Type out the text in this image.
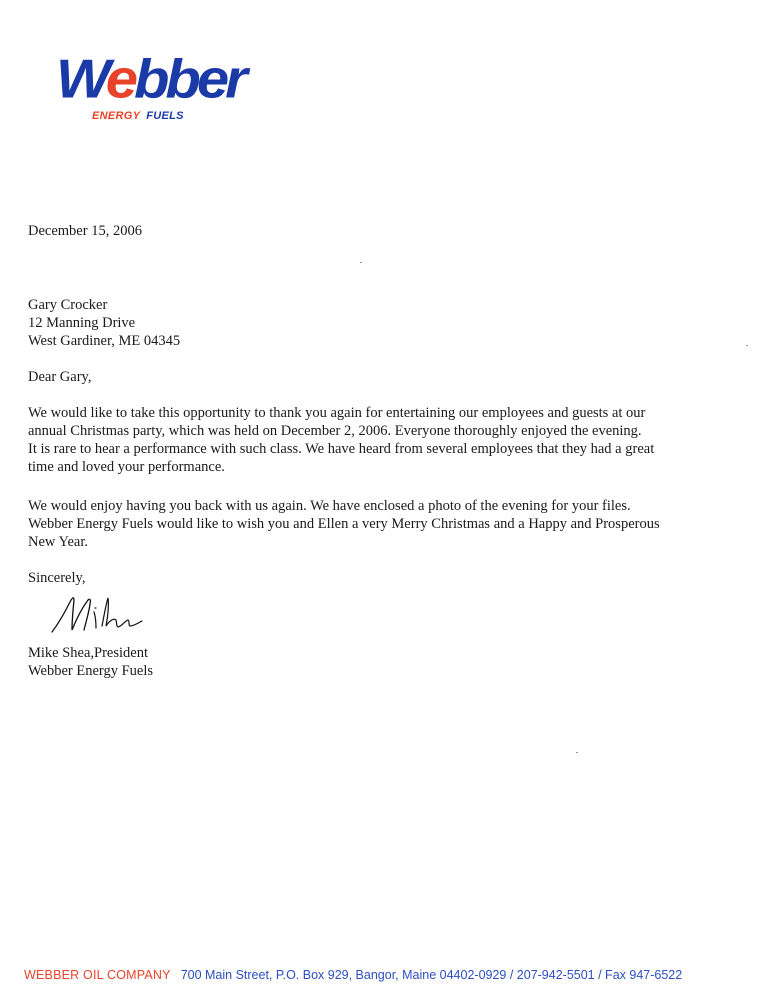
Webber
ENERGY FUELS
December 15, 2006

Gary Crocker

12 Manning Drive

West Gardiner, ME 04345

Dear Gary,

We would like to take this opportunity to thank you again for entertaining our employees and guests at our

annual Christmas party, which was held on December 2, 2006. Everyone thoroughly enjoyed the evening.

It is rare to hear a performance with such class. We have heard from several employees that they had a great

time and loved your performance.

We would enjoy having you back with us again. We have enclosed a photo of the evening for your files.

Webber Energy Fuels would like to wish you and Ellen a very Merry Christmas and a Happy and Prosperous

New Year.

Sincerely,

Mike Shea,President

Webber Energy Fuels

WEBBER OIL COMPANY 700 Main Street, P.O. Box 929, Bangor, Maine 04402-0929 / 207-942-5501 / Fax 947-6522
